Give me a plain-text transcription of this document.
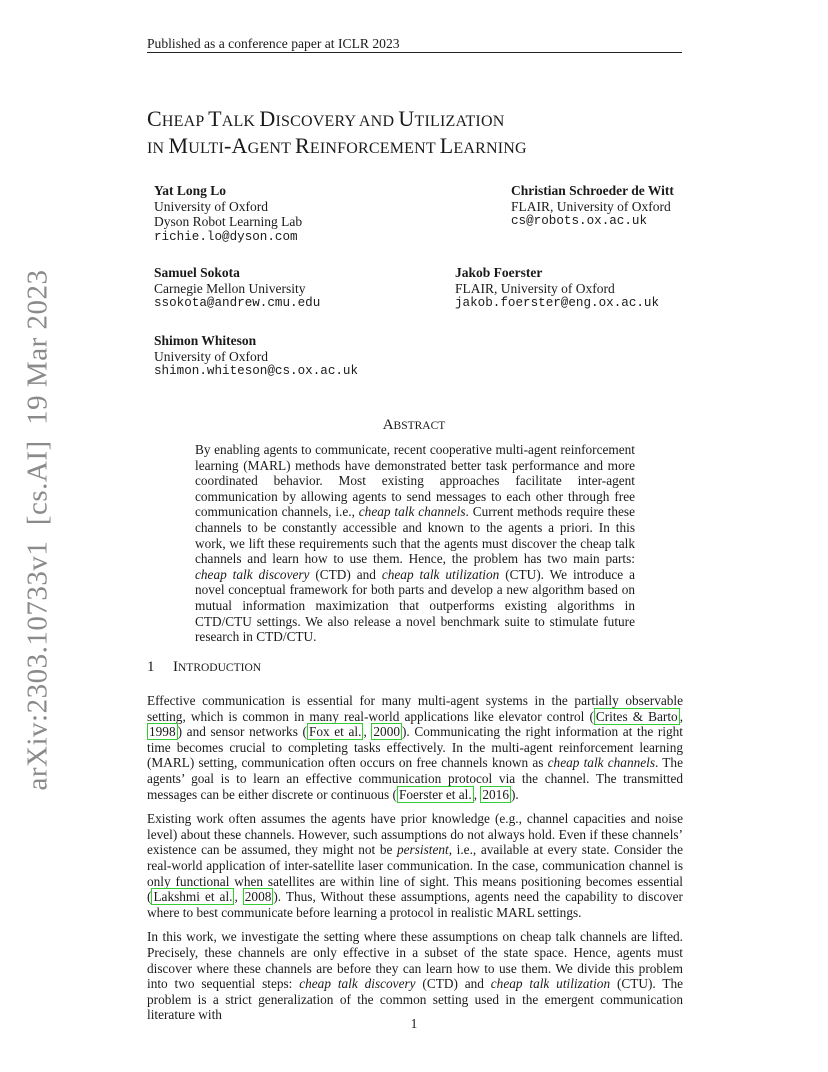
Published as a conference paper at ICLR 2023
CHEAP TALK DISCOVERY AND UTILIZATION
IN MULTI-AGENT REINFORCEMENT LEARNING
Yat Long Lo
University of Oxford
Dyson Robot Learning Lab
richie.lo@dyson.com
Christian Schroeder de Witt
FLAIR, University of Oxford
cs@robots.ox.ac.uk
Samuel Sokota
Carnegie Mellon University
ssokota@andrew.cmu.edu
Jakob Foerster
FLAIR, University of Oxford
jakob.foerster@eng.ox.ac.uk
Shimon Whiteson
University of Oxford
shimon.whiteson@cs.ox.ac.uk
ABSTRACT
By enabling agents to communicate, recent cooperative multi-agent reinforcement learning (MARL) methods have demonstrated better task performance and more coordinated behavior. Most existing approaches facilitate inter-agent communication by allowing agents to send messages to each other through free communication channels, i.e., cheap talk channels. Current methods require these channels to be constantly accessible and known to the agents a priori. In this work, we lift these requirements such that the agents must discover the cheap talk channels and learn how to use them. Hence, the problem has two main parts: cheap talk discovery (CTD) and cheap talk utilization (CTU). We introduce a novel conceptual framework for both parts and develop a new algorithm based on mutual information maximization that outperforms existing algorithms in CTD/CTU settings. We also release a novel benchmark suite to stimulate future research in CTD/CTU.
1 INTRODUCTION

Effective communication is essential for many multi-agent systems in the partially observable setting, which is common in many real-world applications like elevator control ( Crites & Barto , 1998 ) and sensor networks ( Fox et al. , 2000 ). Communicating the right information at the right time becomes crucial to completing tasks effectively. In the multi-agent reinforcement learning (MARL) setting, communication often occurs on free channels known as cheap talk channels. The agents’ goal is to learn an effective communication protocol via the channel. The transmitted messages can be either discrete or continuous ( Foerster et al. , 2016 ).

Existing work often assumes the agents have prior knowledge (e.g., channel capacities and noise level) about these channels. However, such assumptions do not always hold. Even if these channels’ existence can be assumed, they might not be persistent, i.e., available at every state. Consider the real-world application of inter-satellite laser communication. In the case, communication channel is only functional when satellites are within line of sight. This means positioning becomes essential ( Lakshmi et al. , 2008 ). Thus, Without these assumptions, agents need the capability to discover where to best communicate before learning a protocol in realistic MARL settings.

In this work, we investigate the setting where these assumptions on cheap talk channels are lifted. Precisely, these channels are only effective in a subset of the state space. Hence, agents must discover where these channels are before they can learn how to use them. We divide this problem into two sequential steps: cheap talk discovery (CTD) and cheap talk utilization (CTU). The problem is a strict generalization of the common setting used in the emergent communication literature with

1
arXiv:2303.10733v1  [cs.AI]  19 Mar 2023
